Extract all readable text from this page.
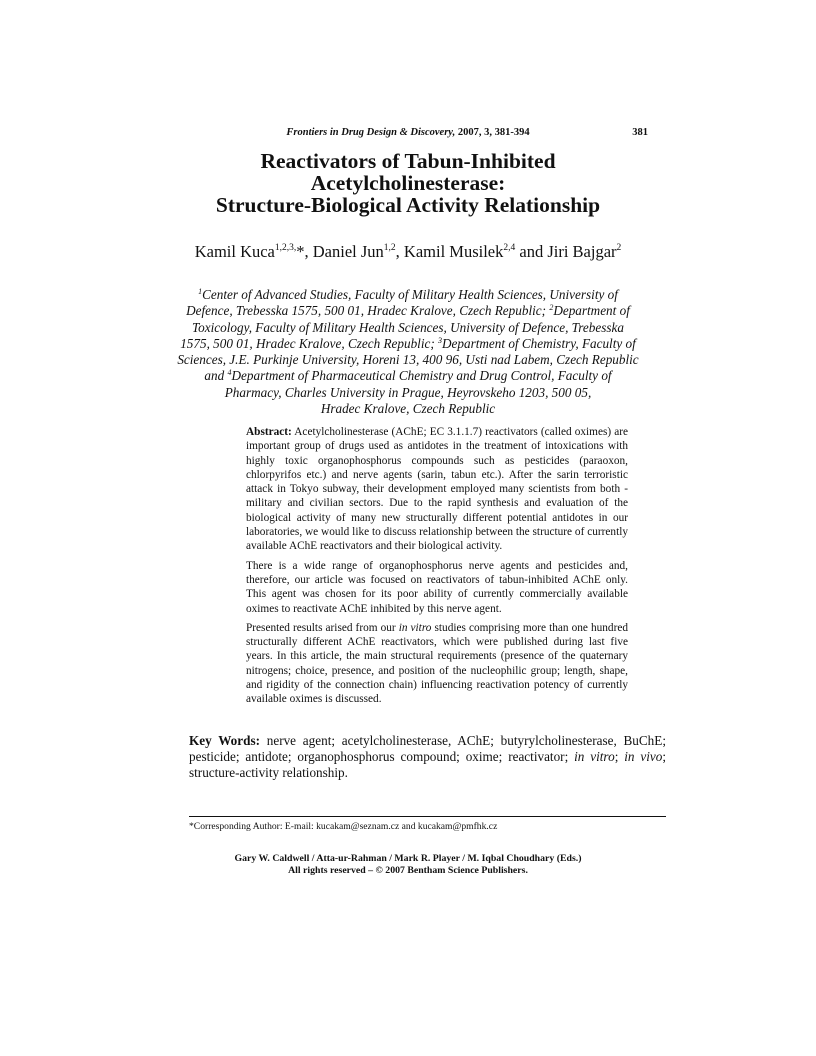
Frontiers in Drug Design & Discovery, 2007, 3, 381-394	381
Reactivators of Tabun-Inhibited
Acetylcholinesterase:
Structure-Biological Activity Relationship
Kamil Kuca$^{1,2,3,}$*, Daniel Jun$^{1,2}$, Kamil Musilek$^{2,4}$ and Jiri Bajgar$^2$
$^1$Center of Advanced Studies, Faculty of Military Health Sciences, University of
Defence, Trebesska 1575, 500 01, Hradec Kralove, Czech Republic; $^2$Department of
Toxicology, Faculty of Military Health Sciences, University of Defence, Trebesska
1575, 500 01, Hradec Kralove, Czech Republic; $^3$Department of Chemistry, Faculty of
Sciences, J.E. Purkinje University, Horeni 13, 400 96, Usti nad Labem, Czech Republic
and $^4$Department of Pharmaceutical Chemistry and Drug Control, Faculty of
Pharmacy, Charles University in Prague, Heyrovskeho 1203, 500 05,
Hradec Kralove, Czech Republic

Abstract: Acetylcholinesterase (AChE; EC 3.1.1.7) reactivators (called oximes) are important group of drugs used as antidotes in the treatment of intoxications with highly toxic organophosphorus compounds such as pesticides (paraoxon, chlorpyrifos etc.) and nerve agents (sarin, tabun etc.). After the sarin terroristic attack in Tokyo subway, their development employed many scientists from both - military and civilian sectors. Due to the rapid synthesis and evaluation of the biological activity of many new structurally different potential antidotes in our laboratories, we would like to discuss relationship between the structure of currently available AChE reactivators and their biological activity.

There is a wide range of organophosphorus nerve agents and pesticides and, therefore, our article was focused on reactivators of tabun-inhibited AChE only. This agent was chosen for its poor ability of currently commercially available oximes to reactivate AChE inhibited by this nerve agent.

Presented results arised from our in vitro studies comprising more than one hundred structurally different AChE reactivators, which were published during last five years. In this article, the main structural requirements (presence of the quaternary nitrogens; choice, presence, and position of the nucleophilic group; length, shape, and rigidity of the connection chain) influencing reactivation potency of currently available oximes is discussed.

Key Words: nerve agent; acetylcholinesterase, AChE; butyrylcholinesterase, BuChE; pesticide; antidote; organophosphorus compound; oxime; reactivator; in vitro; in vivo; structure-activity relationship.
*Corresponding Author: E-mail: kucakam@seznam.cz and kucakam@pmfhk.cz
Gary W. Caldwell / Atta-ur-Rahman / Mark R. Player / M. Iqbal Choudhary (Eds.)
All rights reserved – © 2007 Bentham Science Publishers.
